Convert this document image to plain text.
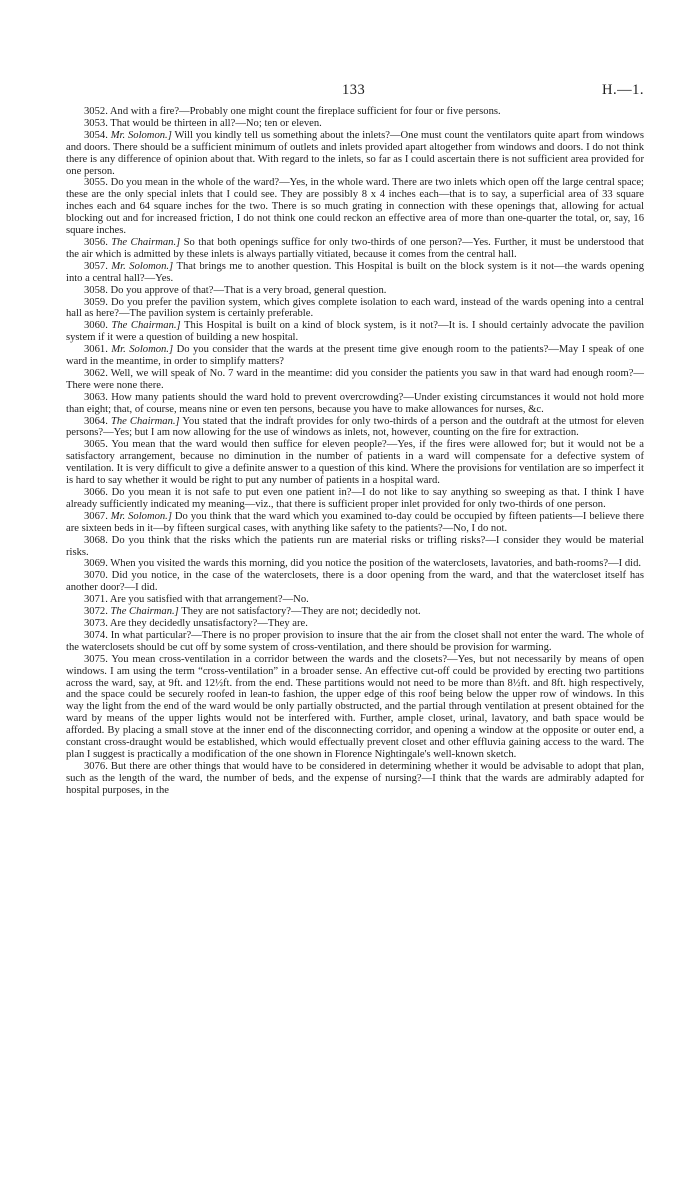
133	H.—1.

3052. And with a fire?—Probably one might count the fireplace sufficient for four or five persons.

3053. That would be thirteen in all?—No; ten or eleven.

3054. Mr. Solomon.] Will you kindly tell us something about the inlets?—One must count the ventilators quite apart from windows and doors. There should be a sufficient minimum of outlets and inlets provided apart altogether from windows and doors. I do not think there is any difference of opinion about that. With regard to the inlets, so far as I could ascertain there is not sufficient area provided for one person.

3055. Do you mean in the whole of the ward?—Yes, in the whole ward. There are two inlets which open off the large central space; these are the only special inlets that I could see. They are possibly 8 x 4 inches each—that is to say, a superficial area of 33 square inches each and 64 square inches for the two. There is so much grating in connection with these openings that, allowing for actual blocking out and for increased friction, I do not think one could reckon an effective area of more than one-quarter the total, or, say, 16 square inches.

3056. The Chairman.] So that both openings suffice for only two-thirds of one person?—Yes. Further, it must be understood that the air which is admitted by these inlets is always partially vitiated, because it comes from the central hall.

3057. Mr. Solomon.] That brings me to another question. This Hospital is built on the block system is it not—the wards opening into a central hall?—Yes.

3058. Do you approve of that?—That is a very broad, general question.

3059. Do you prefer the pavilion system, which gives complete isolation to each ward, instead of the wards opening into a central hall as here?—The pavilion system is certainly preferable.

3060. The Chairman.] This Hospital is built on a kind of block system, is it not?—It is. I should certainly advocate the pavilion system if it were a question of building a new hospital.

3061. Mr. Solomon.] Do you consider that the wards at the present time give enough room to the patients?—May I speak of one ward in the meantime, in order to simplify matters?

3062. Well, we will speak of No. 7 ward in the meantime: did you consider the patients you saw in that ward had enough room?—There were none there.

3063. How many patients should the ward hold to prevent overcrowding?—Under existing circumstances it would not hold more than eight; that, of course, means nine or even ten persons, because you have to make allowances for nurses, &c.

3064. The Chairman.] You stated that the indraft provides for only two-thirds of a person and the outdraft at the utmost for eleven persons?—Yes; but I am now allowing for the use of windows as inlets, not, however, counting on the fire for extraction.

3065. You mean that the ward would then suffice for eleven people?—Yes, if the fires were allowed for; but it would not be a satisfactory arrangement, because no diminution in the number of patients in a ward will compensate for a defective system of ventilation. It is very difficult to give a definite answer to a question of this kind. Where the provisions for ventilation are so imperfect it is hard to say whether it would be right to put any number of patients in a hospital ward.

3066. Do you mean it is not safe to put even one patient in?—I do not like to say anything so sweeping as that. I think I have already sufficiently indicated my meaning—viz., that there is sufficient proper inlet provided for only two-thirds of one person.

3067. Mr. Solomon.] Do you think that the ward which you examined to-day could be occupied by fifteen patients—I believe there are sixteen beds in it—by fifteen surgical cases, with anything like safety to the patients?—No, I do not.

3068. Do you think that the risks which the patients run are material risks or trifling risks?—I consider they would be material risks.

3069. When you visited the wards this morning, did you notice the position of the waterclosets, lavatories, and bath-rooms?—I did.

3070. Did you notice, in the case of the waterclosets, there is a door opening from the ward, and that the watercloset itself has another door?—I did.

3071. Are you satisfied with that arrangement?—No.

3072. The Chairman.] They are not satisfactory?—They are not; decidedly not.

3073. Are they decidedly unsatisfactory?—They are.

3074. In what particular?—There is no proper provision to insure that the air from the closet shall not enter the ward. The whole of the waterclosets should be cut off by some system of cross-ventilation, and there should be provision for warming.

3075. You mean cross-ventilation in a corridor between the wards and the closets?—Yes, but not necessarily by means of open windows. I am using the term “cross-ventilation” in a broader sense. An effective cut-off could be provided by erecting two partitions across the ward, say, at 9ft. and 12½ft. from the end. These partitions would not need to be more than 8½ft. and 8ft. high respectively, and the space could be securely roofed in lean-to fashion, the upper edge of this roof being below the upper row of windows. In this way the light from the end of the ward would be only partially obstructed, and the partial through ventilation at present obtained for the ward by means of the upper lights would not be interfered with. Further, ample closet, urinal, lavatory, and bath space would be afforded. By placing a small stove at the inner end of the disconnecting corridor, and opening a window at the opposite or outer end, a constant cross-draught would be established, which would effectually prevent closet and other effluvia gaining access to the ward. The plan I suggest is practically a modification of the one shown in Florence Nightingale's well-known sketch.

3076. But there are other things that would have to be considered in determining whether it would be advisable to adopt that plan, such as the length of the ward, the number of beds, and the expense of nursing?—I think that the wards are admirably adapted for hospital purposes, in the
